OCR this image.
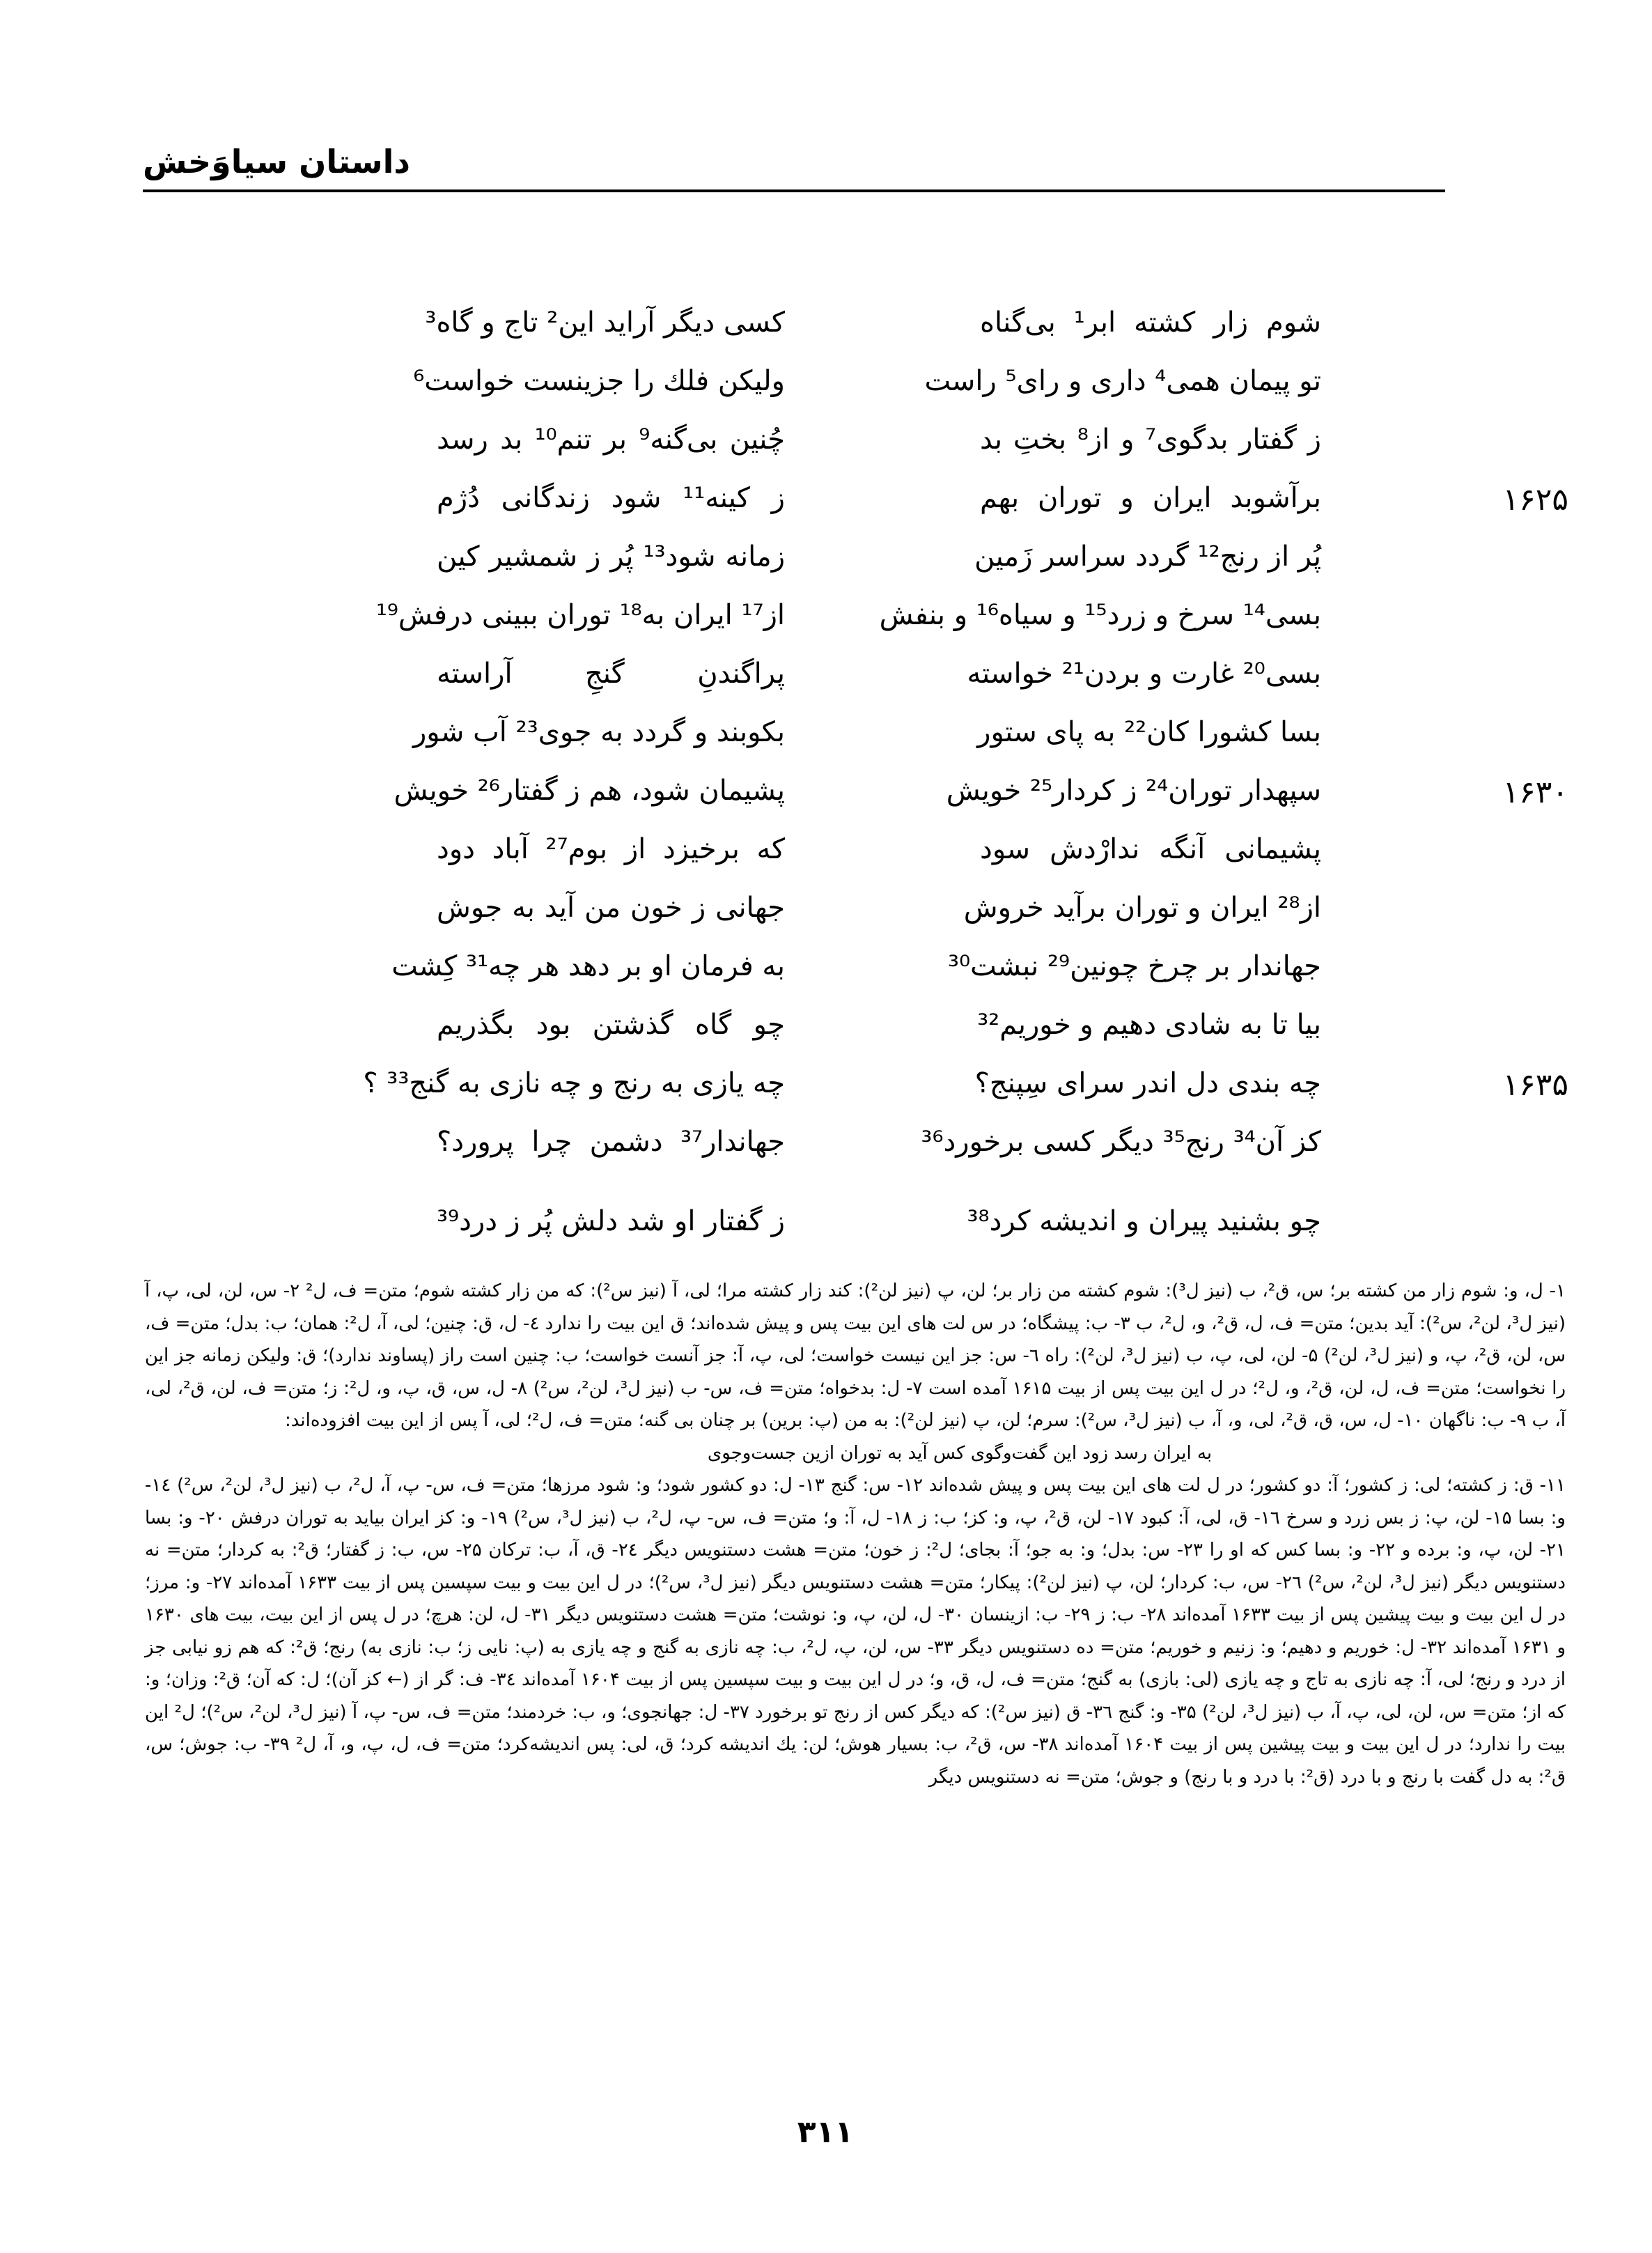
داستان سیاوَخش
شوم زار کشته ابر¹ بی‌گناه
کسی دیگر آراید این² تاج و گاه³
تو پیمان همی⁴ داری و رای⁵ راست
ولیکن فلك را جزینست خواست⁶
ز گفتار بدگوی⁷ و از⁸ بختِ بد
چُنین بی‌گنه⁹ بر تنم¹⁰ بد رسد
۱۶۲۵
برآشوبد ایران و توران بهم
ز کینه¹¹ شود زندگانی دُژم
پُر از رنج¹² گردد سراسر زَمین
زمانه شود¹³ پُر ز شمشیر کین
بسی¹⁴ سرخ و زرد¹⁵ و سیاه¹⁶ و بنفش
از¹⁷ ایران به¹⁸ توران ببینی درفش¹⁹
بسی²⁰ غارت و بردن²¹ خواسته
پراگندنِ گنجِ آراسته
بسا کشورا کان²² به پای ستور
بکوبند و گردد به جوی²³ آب شور
۱۶۳۰
سپهدار توران²⁴ ز کردار²⁵ خویش
پشیمان شود، هم ز گفتار²⁶ خویش
پشیمانی آنگه ندارْدش سود
که برخیزد از بوم²⁷ آباد دود
از²⁸ ایران و توران برآید خروش
جهانی ز خون من آید به جوش
جهاندار بر چرخ چونین²⁹ نبشت³⁰
به فرمان او بر دهد هر چه³¹ کِشت
بیا تا به شادی دهیم و خوریم³²
چو گاه گذشتن بود بگذریم
۱۶۳۵
چه بندی دل اندر سرای سِپنج؟
چه یازی به رنج و چه نازی به گنج³³ ؟
کز آن³⁴ رنج³⁵ دیگر کسی برخورد³⁶
جهاندار³⁷ دشمن چرا پرورد؟
چو بشنید پیران و اندیشه کرد³⁸
ز گفتار او شد دلش پُر ز درد³⁹
۱- ل، و: شوم زار من کشته بر؛ س، ق²، ب (نیز ل³): شوم کشته من زار بر؛ لن، پ (نیز لن²): کند زار کشته مرا؛ لی، آ (نیز س²): که من زار کشته شوم؛ متن= ف، ل² ۲- س، لن، لی، پ، آ (نیز ل³، لن²، س²): آید بدین؛ متن= ف، ل، ق²، و، ل²، ب ۳- ب: پیشگاه؛ در س لت های این بیت پس و پیش شده‌اند؛ ق این بیت را ندارد ٤- ل، ق: چنین؛ لی، آ، ل²: همان؛ ب: بدل؛ متن= ف، س، لن، ق²، پ، و (نیز ل³، لن²) ۵- لن، لی، پ، ب (نیز ل³، لن²): راه ٦- س: جز این نیست خواست؛ لی، پ، آ: جز آنست خواست؛ ب: چنین است راز (پساوند ندارد)؛ ق: ولیکن زمانه جز این را نخواست؛ متن= ف، ل، لن، ق²، و، ل²؛ در ل این بیت پس از بیت ۱۶۱۵ آمده است ۷- ل: بدخواه؛ متن= ف، س- ب (نیز ل³، لن²، س²) ۸- ل، س، ق، پ، و، ل²: ز؛ متن= ف، لن، ق²، لی، آ، ب ۹- ب: ناگهان ۱۰- ل، س، ق، ق²، لی، و، آ، ب (نیز ل³، س²): سرم؛ لن، پ (نیز لن²): به من (پ: برین) بر چنان بی گنه؛ متن= ف، ل²؛ لی، آ پس از این بیت افزوده‌اند:
به ایران رسد زود این گفت‌وگوی کس آید به توران ازین جست‌وجوی
۱۱- ق: ز کشته؛ لی: ز کشور؛ آ: دو کشور؛ در ل لت های این بیت پس و پیش شده‌اند ۱۲- س: گنج ۱۳- ل: دو کشور شود؛ و: شود مرزها؛ متن= ف، س- پ، آ، ل²، ب (نیز ل³، لن²، س²) ١٤- و: بسا ۱۵- لن، پ: ز بس زرد و سرخ ۱٦- ق، لی، آ: کبود ۱۷- لن، ق²، پ، و: کز؛ ب: ز ۱۸- ل، آ: و؛ متن= ف، س- پ، ل²، ب (نیز ل³، س²) ۱۹- و: کز ایران بیاید به توران درفش ۲۰- و: بسا ۲۱- لن، پ، و: برده و ۲۲- و: بسا کس که او را ۲۳- س: بدل؛ و: به جو؛ آ: بجای؛ ل²: ز خون؛ متن= هشت دستنویس دیگر ۲٤- ق، آ، ب: ترکان ۲۵- س، ب: ز گفتار؛ ق²: به کردار؛ متن= نه دستنویس دیگر (نیز ل³، لن²، س²) ۲٦- س، ب: کردار؛ لن، پ (نیز لن²): پیکار؛ متن= هشت دستنویس دیگر (نیز ل³، س²)؛ در ل این بیت و بیت سپسین پس از بیت ۱۶۳۳ آمده‌اند ۲۷- و: مرز؛ در ل این بیت و بیت پیشین پس از بیت ۱۶۳۳ آمده‌اند ۲۸- ب: ز ۲۹- ب: ازینسان ۳۰- ل، لن، پ، و: نوشت؛ متن= هشت دستنویس دیگر ۳۱- ل، لن: هرچ؛ در ل پس از این بیت، بیت های ۱۶۳۰ و ۱۶۳۱ آمده‌اند ۳۲- ل: خوریم و دهیم؛ و: زنیم و خوریم؛ متن= ده دستنویس دیگر ۳۳- س، لن، پ، ل²، ب: چه نازی به گنج و چه یازی به (پ: نایی ز؛ ب: نازی به) رنج؛ ق²: که هم زو نیابی جز از درد و رنج؛ لی، آ: چه نازی به تاج و چه یازی (لی: بازی) به گنج؛ متن= ف، ل، ق، و؛ در ل این بیت و بیت سپسین پس از بیت ۱۶۰۴ آمده‌اند ۳٤- ف: گر از (← کز آن)؛ ل: که آن؛ ق²: وزان؛ و: که از؛ متن= س، لن، لی، پ، آ، ب (نیز ل³، لن²) ۳۵- و: گنج ۳٦- ق (نیز س²): که دیگر کس از رنج تو برخورد ۳۷- ل: جهانجوی؛ و، ب: خردمند؛ متن= ف، س- پ، آ (نیز ل³، لن²، س²)؛ ل² این بیت را ندارد؛ در ل این بیت و بیت پیشین پس از بیت ۱۶۰۴ آمده‌اند ۳۸- س، ق²، ب: بسیار هوش؛ لن: یك اندیشه کرد؛ ق، لی: پس اندیشه‌کرد؛ متن= ف، ل، پ، و، آ، ل² ۳۹- ب: جوش؛ س، ق²: به دل گفت با رنج و با درد (ق²: با درد و با رنج) و جوش؛ متن= نه دستنویس دیگر
۳۱۱
